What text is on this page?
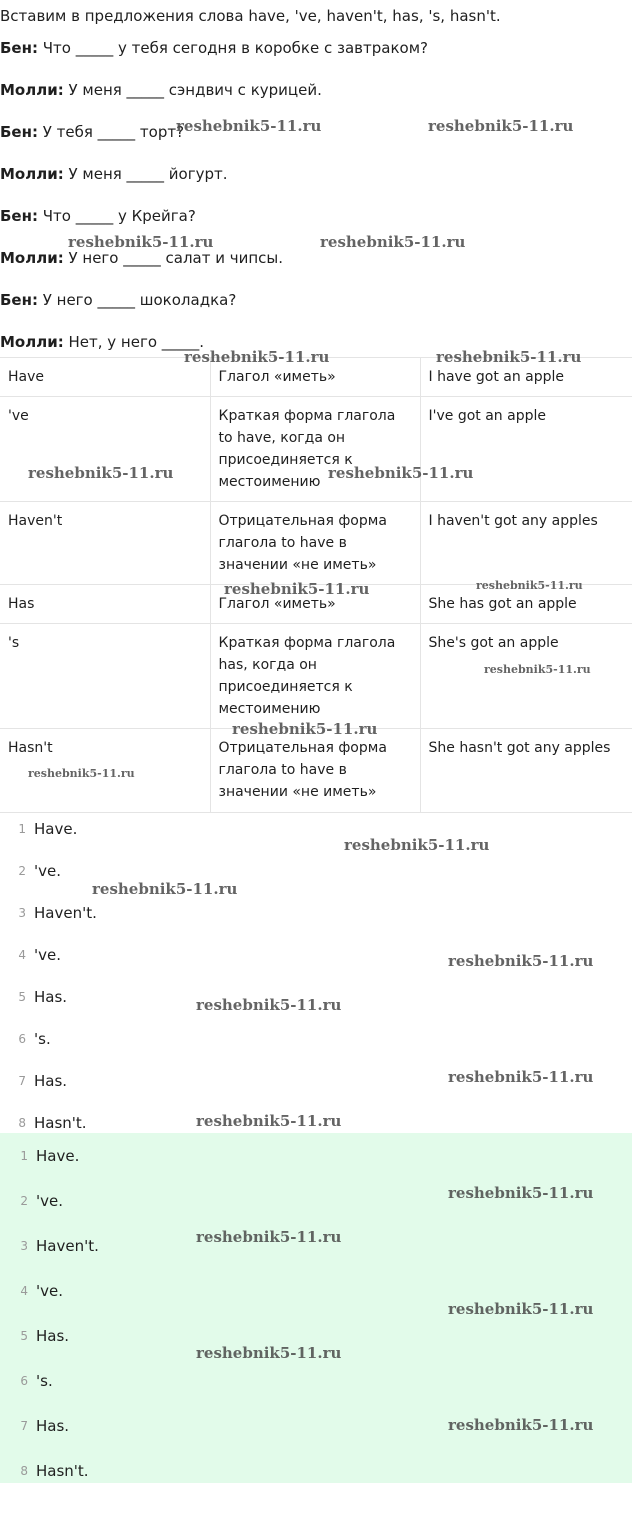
Вставим в предложения слова have, 've, haven't, has, 's, hasn't.
Бен: Что _____ у тебя сегодня в коробке с завтраком?
Молли: У меня _____ сэндвич с курицей.
Бен: У тебя _____ торт?
Молли: У меня _____ йогурт.
Бен: Что _____ у Крейга?
Молли: У него _____ салат и чипсы.
Бен: У него _____ шоколадка?
Молли: Нет, у него _____.
Have	Глагол «иметь»	I have got an apple
've	Краткая форма глагола to have, когда он присоединяется к местоимению	I've got an apple
Haven't	Отрицательная форма глагола to have в значении «не иметь»	I haven't got any apples
Has	Глагол «иметь»	She has got an apple
's	Краткая форма глагола has, когда он присоединяется к местоимению	She's got an apple
Hasn't	Отрицательная форма глагола to have в значении «не иметь»	She hasn't got any apples
1 Have.
2 've.
3 Haven't.
4 've.
5 Has.
6 's.
7 Has.
8 Hasn't.
1 Have.
2 've.
3 Haven't.
4 've.
5 Has.
6 's.
7 Has.
8 Hasn't.
reshebnik5-11.ru	reshebnik5-11.ru
reshebnik5-11.ru	reshebnik5-11.ru
reshebnik5-11.ru	reshebnik5-11.ru
reshebnik5-11.ru	reshebnik5-11.ru
reshebnik5-11.ru	reshebnik5-11.ru
reshebnik5-11.ru
reshebnik5-11.ru
reshebnik5-11.ru
reshebnik5-11.ru
reshebnik5-11.ru
reshebnik5-11.ru
reshebnik5-11.ru
reshebnik5-11.ru
reshebnik5-11.ru
reshebnik5-11.ru
reshebnik5-11.ru
reshebnik5-11.ru
reshebnik5-11.ru
reshebnik5-11.ru
